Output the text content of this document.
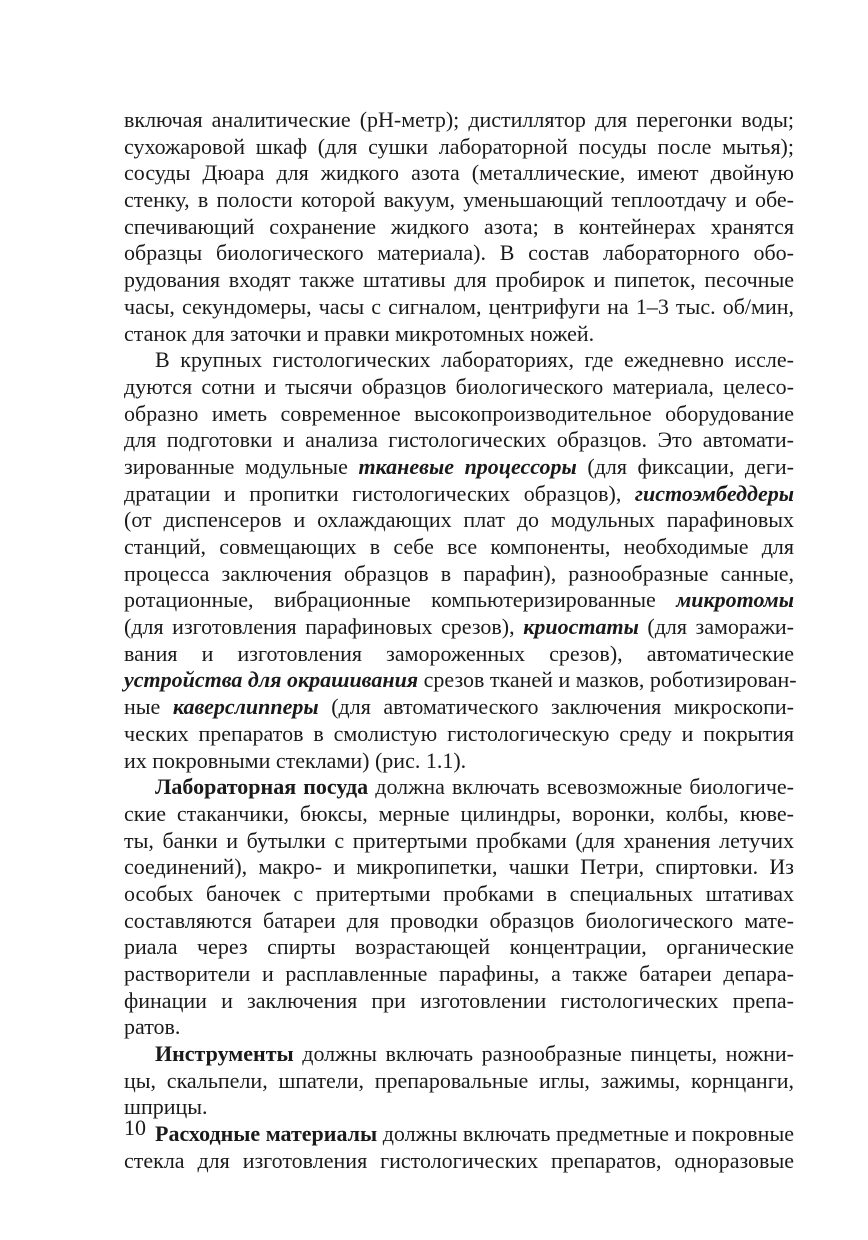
включая аналитические (pH-метр); дистиллятор для перегонки воды;
сухожаровой шкаф (для сушки лабораторной посуды после мытья);
сосуды Дюара для жидкого азота (металлические, имеют двойную
стенку, в полости которой вакуум, уменьшающий теплоотдачу и обе-
спечивающий сохранение жидкого азота; в контейнерах хранятся
образцы биологического материала). В состав лабораторного обо-
рудования входят также штативы для пробирок и пипеток, песочные
часы, секундомеры, часы с сигналом, центрифуги на 1–3 тыс. об/мин,
станок для заточки и правки микротомных ножей.
В крупных гистологических лабораториях, где ежедневно иссле-
дуются сотни и тысячи образцов биологического материала, целесо-
образно иметь современное высокопроизводительное оборудование
для подготовки и анализа гистологических образцов. Это автомати-
зированные модульные тканевые процессоры (для фиксации, деги-
дратации и пропитки гистологических образцов), гистоэмбеддеры
(от диспенсеров и охлаждающих плат до модульных парафиновых
станций, совмещающих в себе все компоненты, необходимые для
процесса заключения образцов в парафин), разнообразные санные,
ротационные, вибрационные компьютеризированные микротомы
(для изготовления парафиновых срезов), криостаты (для заморажи-
вания и изготовления замороженных срезов), автоматические
устройства для окрашивания срезов тканей и мазков, роботизирован-
ные каверслипперы (для автоматического заключения микроскопи-
ческих препаратов в смолистую гистологическую среду и покрытия
их покровными стеклами) (рис. 1.1).
Лабораторная посуда должна включать всевозможные биологиче-
ские стаканчики, бюксы, мерные цилиндры, воронки, колбы, кюве-
ты, банки и бутылки с притертыми пробками (для хранения летучих
соединений), макро- и микропипетки, чашки Петри, спиртовки. Из
особых баночек с притертыми пробками в специальных штативах
составляются батареи для проводки образцов биологического мате-
риала через спирты возрастающей концентрации, органические
растворители и расплавленные парафины, а также батареи депара-
финации и заключения при изготовлении гистологических препа-
ратов.
Инструменты должны включать разнообразные пинцеты, ножни-
цы, скальпели, шпатели, препаровальные иглы, зажимы, корнцанги,
шприцы.
Расходные материалы должны включать предметные и покровные
стекла для изготовления гистологических препаратов, одноразовые
10
